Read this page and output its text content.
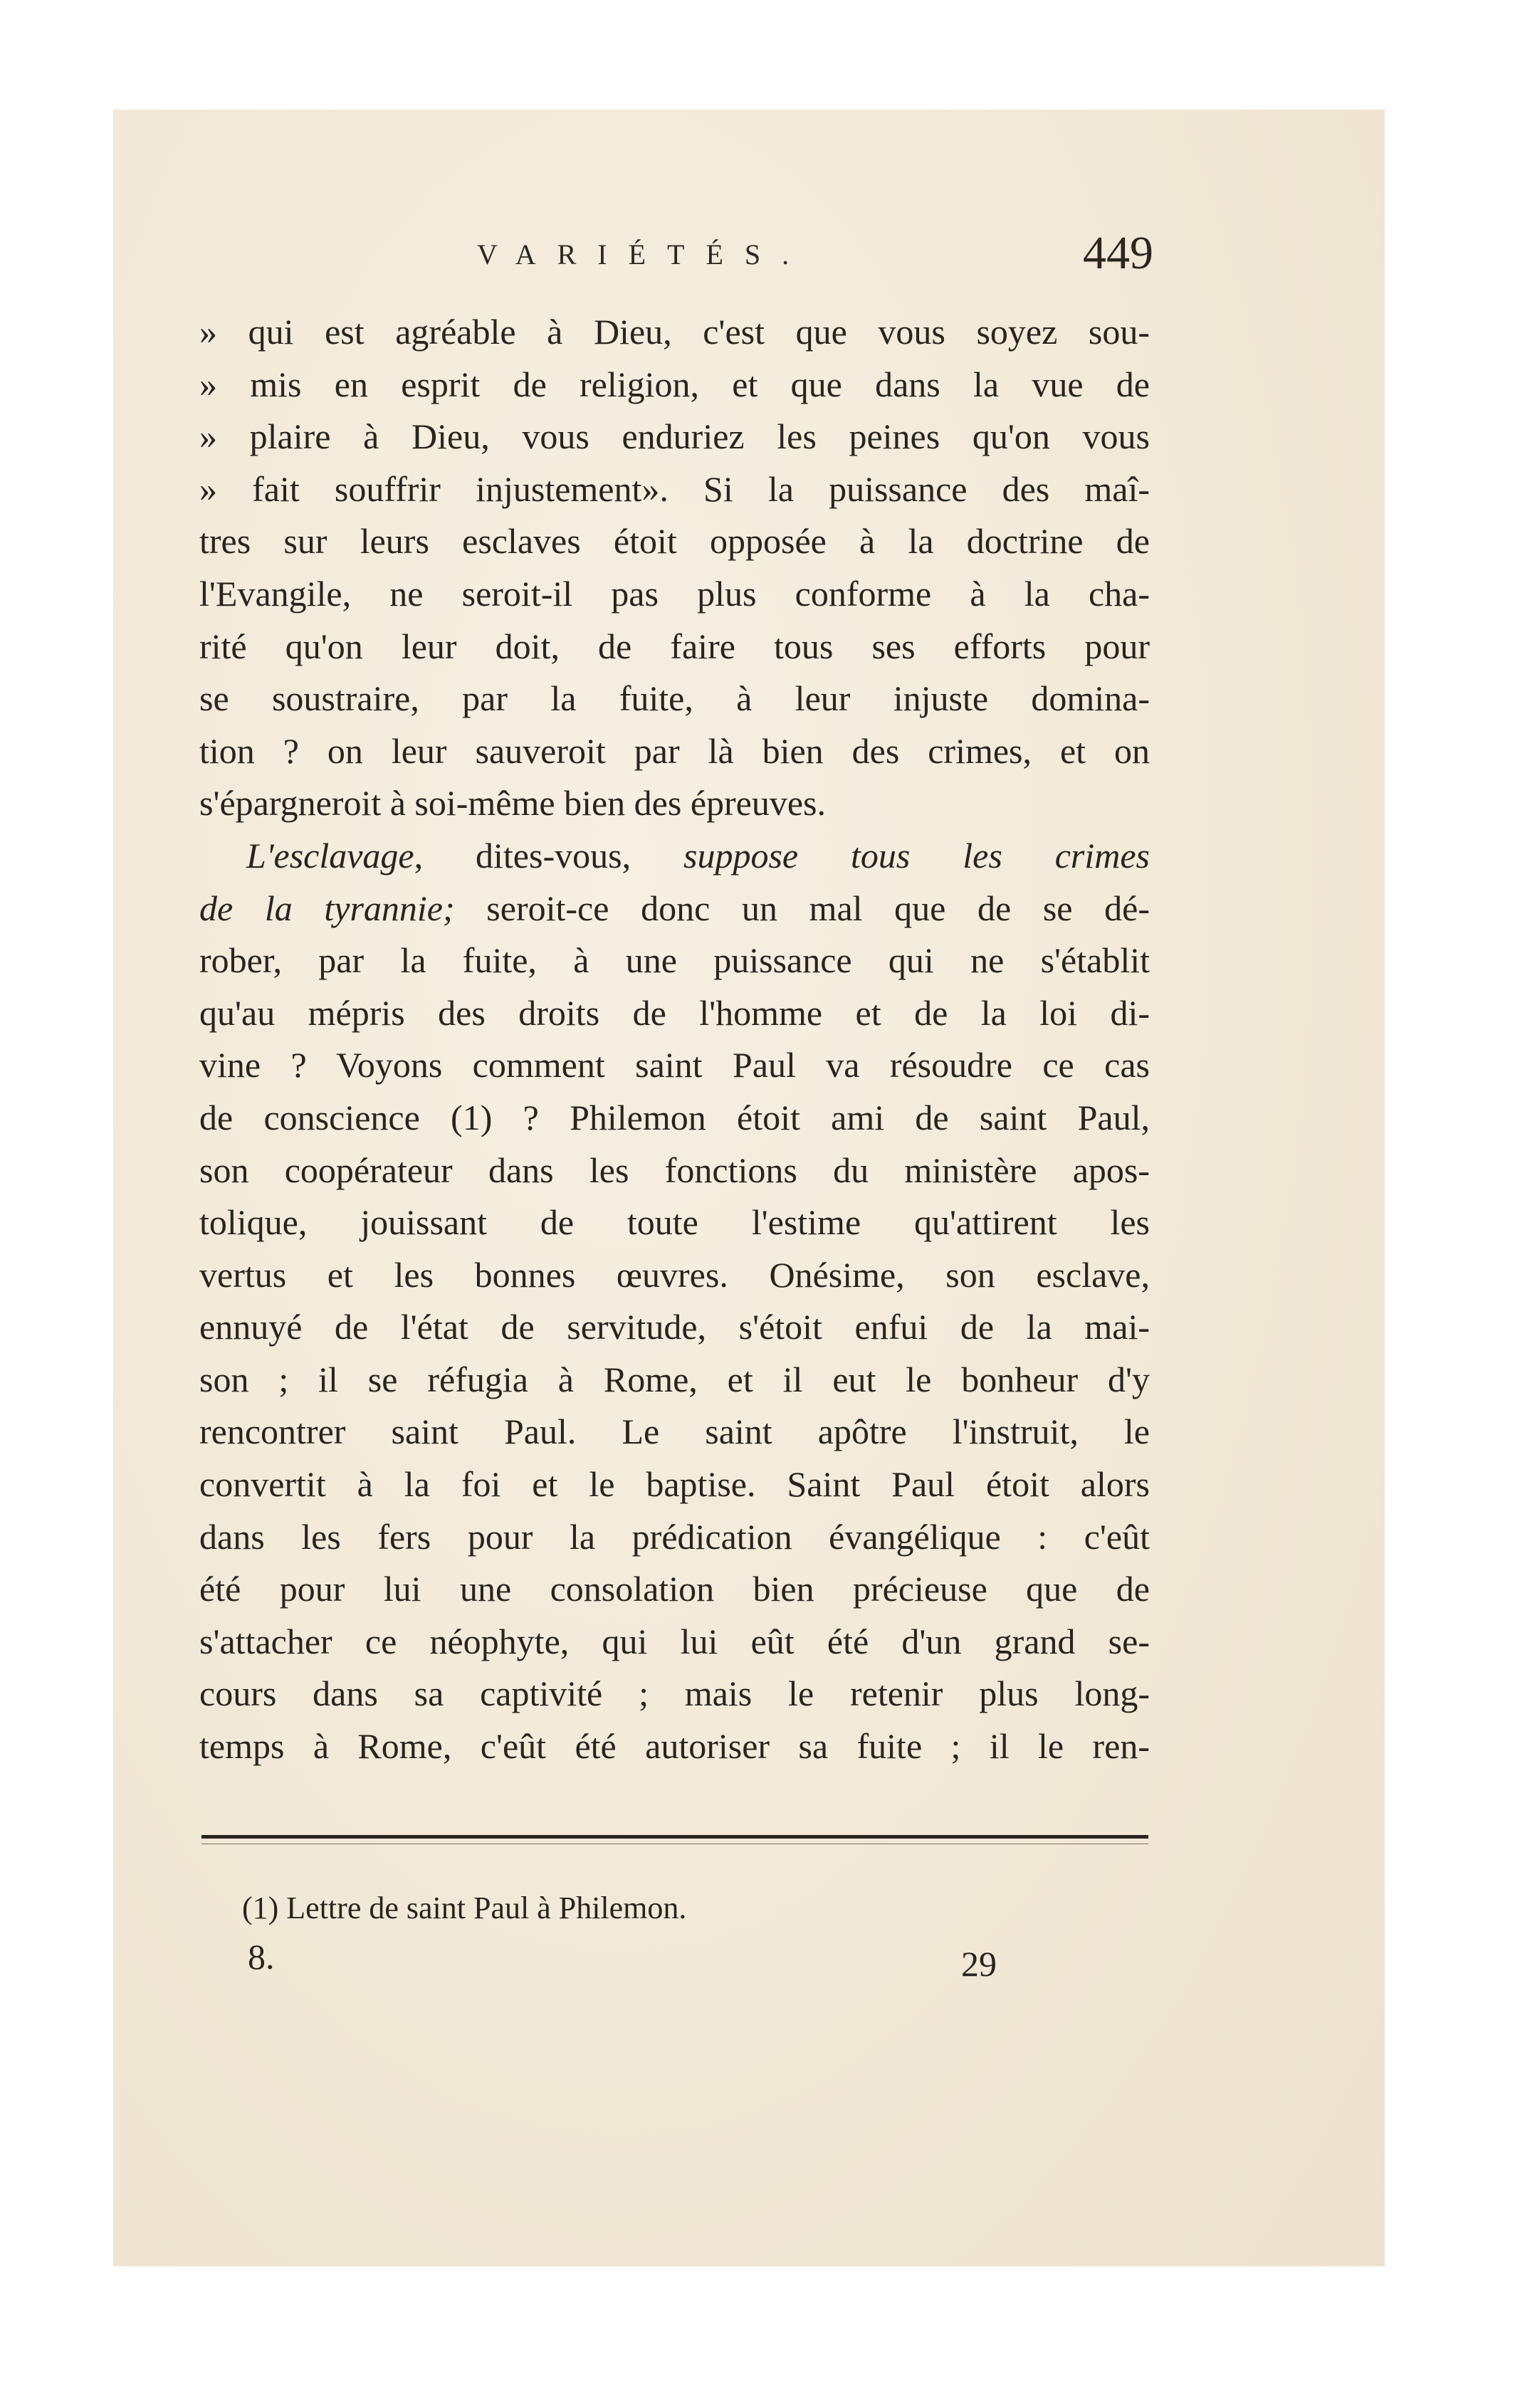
VARIÉTÉS.	449
» qui est agréable à Dieu, c'est que vous soyez sou-
» mis en esprit de religion, et que dans la vue de
» plaire à Dieu, vous enduriez les peines qu'on vous
» fait souffrir injustement». Si la puissance des maî-
tres sur leurs esclaves étoit opposée à la doctrine de
l'Evangile, ne seroit-il pas plus conforme à la cha-
rité qu'on leur doit, de faire tous ses efforts pour
se soustraire, par la fuite, à leur injuste domina-
tion ? on leur sauveroit par là bien des crimes, et on
s'épargneroit à soi-même bien des épreuves.
L'esclavage, dites-vous, suppose tous les crimes
de la tyrannie; seroit-ce donc un mal que de se dé-
rober, par la fuite, à une puissance qui ne s'établit
qu'au mépris des droits de l'homme et de la loi di-
vine ? Voyons comment saint Paul va résoudre ce cas
de conscience (1) ? Philemon étoit ami de saint Paul,
son coopérateur dans les fonctions du ministère apos-
tolique, jouissant de toute l'estime qu'attirent les
vertus et les bonnes œuvres. Onésime, son esclave,
ennuyé de l'état de servitude, s'étoit enfui de la mai-
son ; il se réfugia à Rome, et il eut le bonheur d'y
rencontrer saint Paul. Le saint apôtre l'instruit, le
convertit à la foi et le baptise. Saint Paul étoit alors
dans les fers pour la prédication évangélique : c'eût
été pour lui une consolation bien précieuse que de
s'attacher ce néophyte, qui lui eût été d'un grand se-
cours dans sa captivité ; mais le retenir plus long-
temps à Rome, c'eût été autoriser sa fuite ; il le ren-
(1) Lettre de saint Paul à Philemon.
8.	29
